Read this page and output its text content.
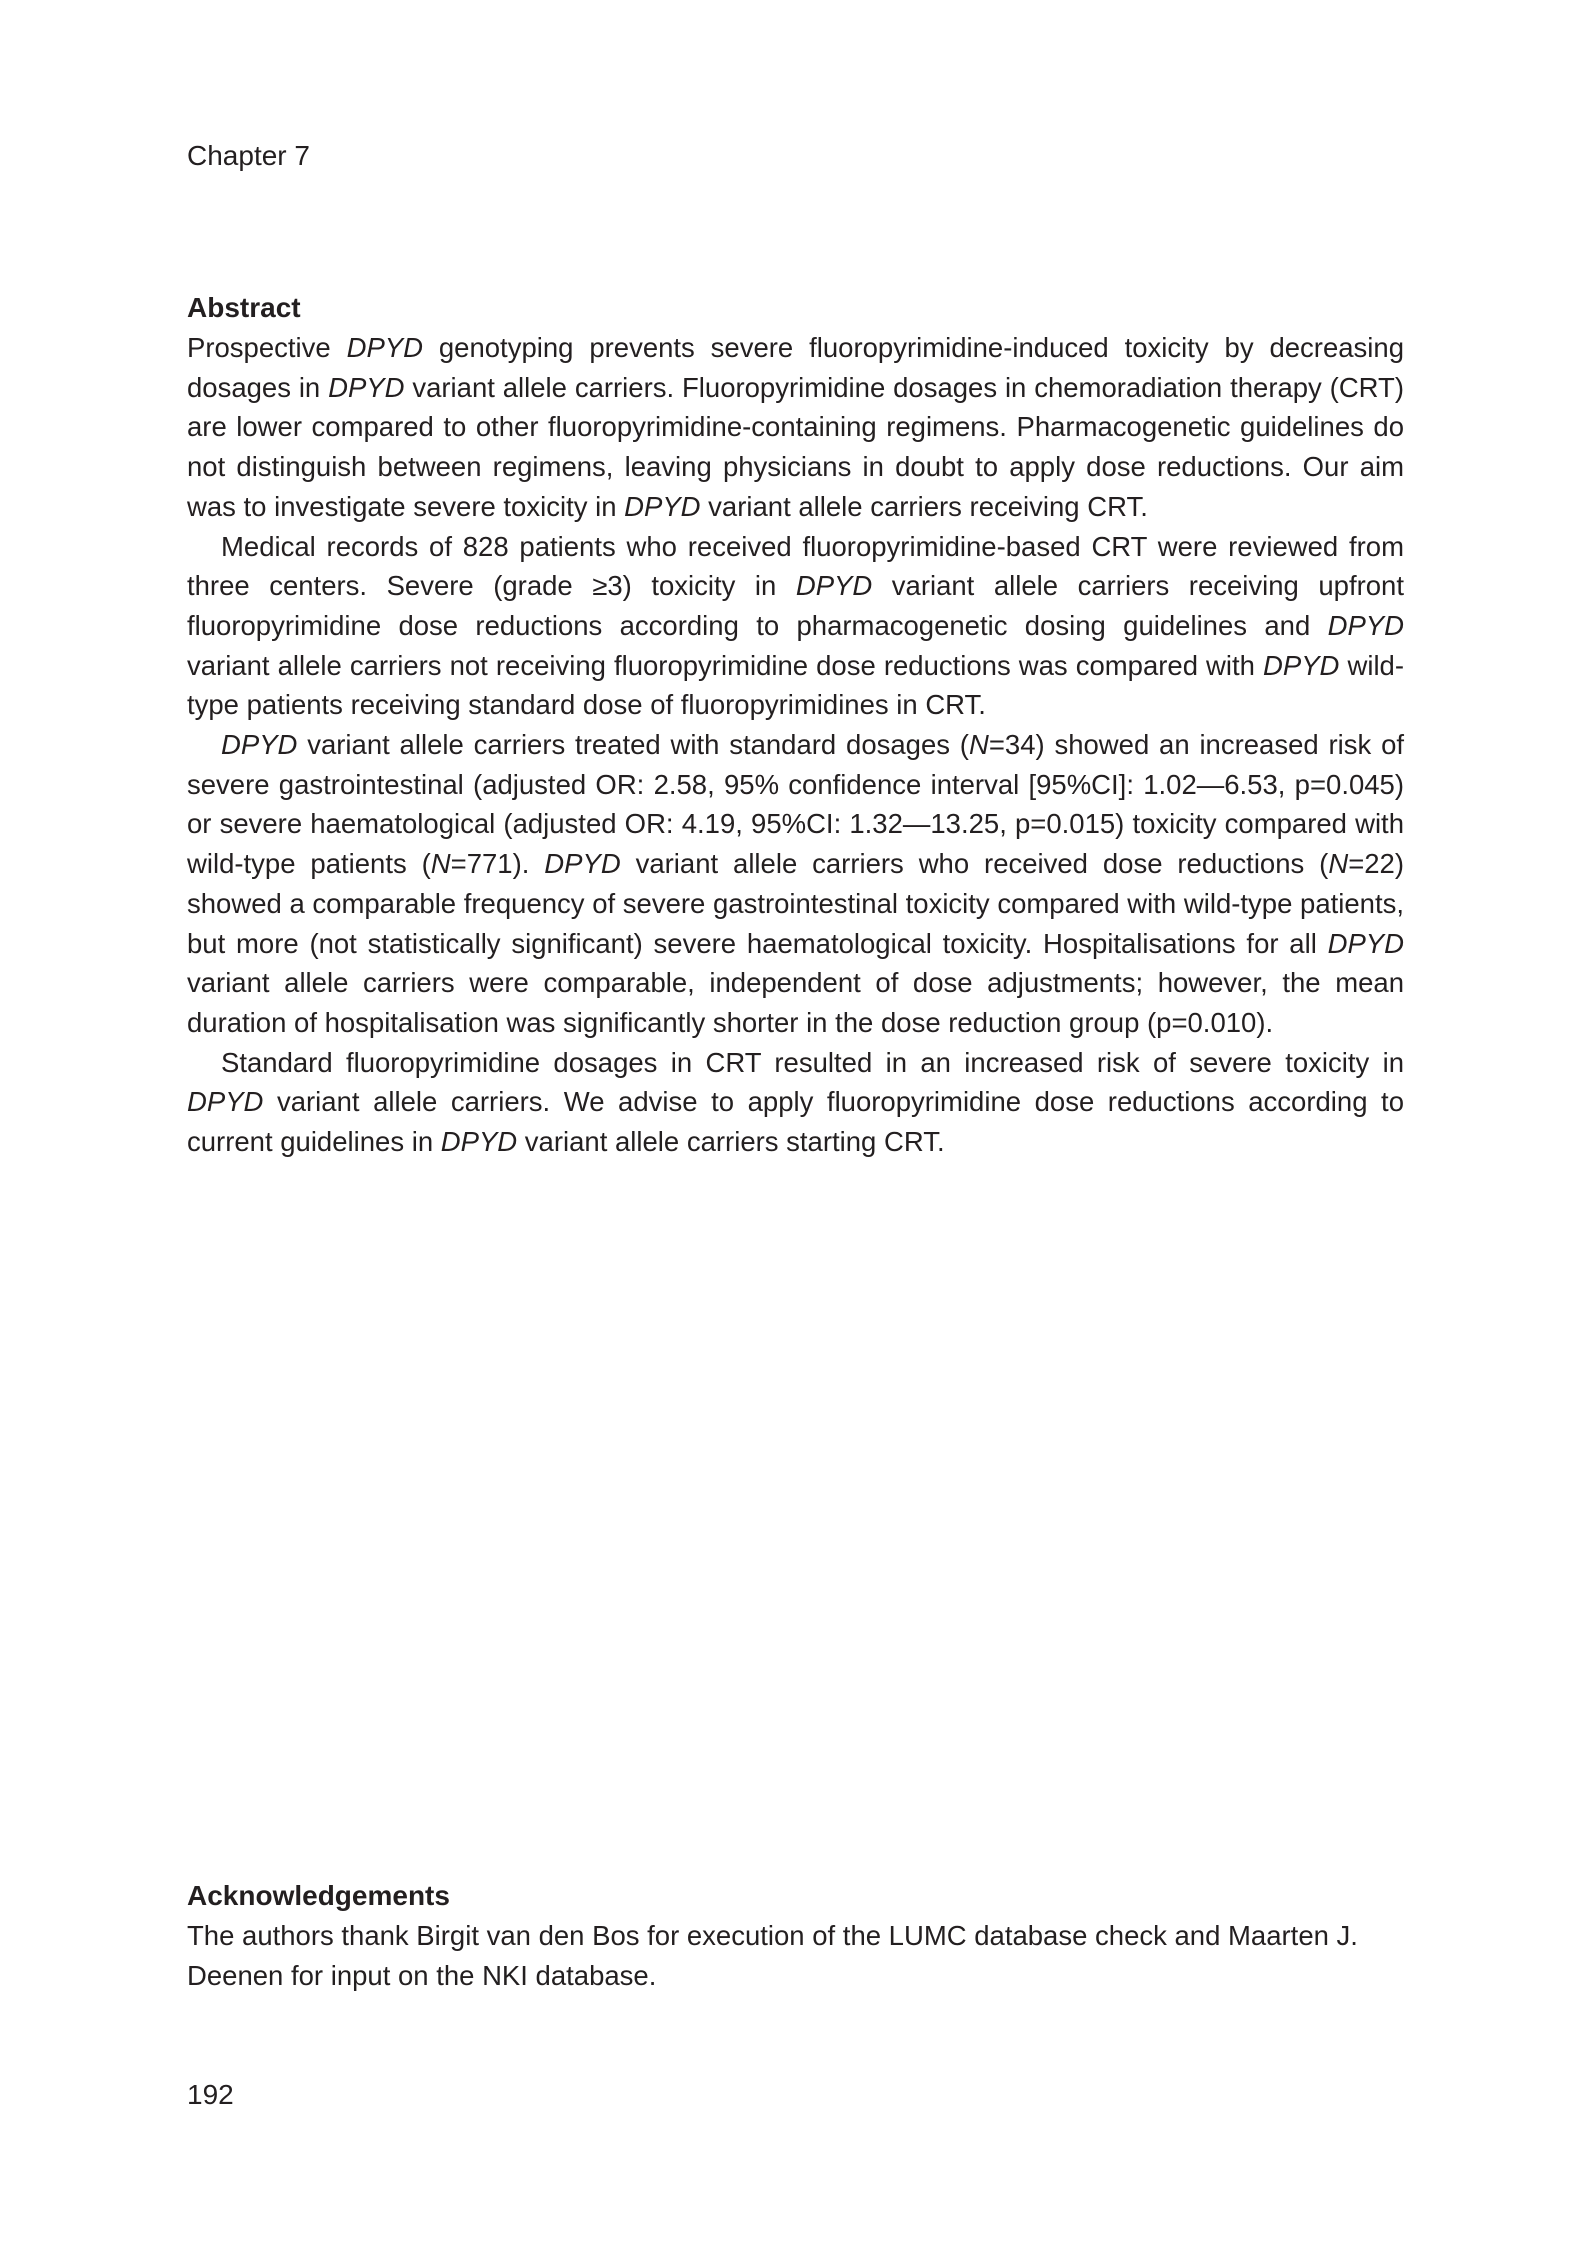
Chapter 7
Abstract

Prospective DPYD genotyping prevents severe fluoropyrimidine-induced toxicity by decreasing dosages in DPYD variant allele carriers. Fluoropyrimidine dosages in chemoradiation therapy (CRT) are lower compared to other fluoropyrimidine-containing regimens. Pharmacogenetic guidelines do not distinguish between regimens, leaving physicians in doubt to apply dose reductions. Our aim was to investigate severe toxicity in DPYD variant allele carriers receiving CRT.

Medical records of 828 patients who received fluoropyrimidine-based CRT were reviewed from three centers. Severe (grade ≥3) toxicity in DPYD variant allele carriers receiving upfront fluoropyrimidine dose reductions according to pharmacogenetic dosing guidelines and DPYD variant allele carriers not receiving fluoropyrimidine dose reductions was compared with DPYD wild-type patients receiving standard dose of fluoropyrimidines in CRT.

DPYD variant allele carriers treated with standard dosages (N=34) showed an increased risk of severe gastrointestinal (adjusted OR: 2.58, 95% confidence interval [95%CI]: 1.02—6.53, p=0.045) or severe haematological (adjusted OR: 4.19, 95%CI: 1.32—13.25, p=0.015) toxicity compared with wild-type patients (N=771). DPYD variant allele carriers who received dose reductions (N=22) showed a comparable frequency of severe gastrointestinal toxicity compared with wild-type patients, but more (not statistically significant) severe haematological toxicity. Hospitalisations for all DPYD variant allele carriers were comparable, independent of dose adjustments; however, the mean duration of hospitalisation was significantly shorter in the dose reduction group (p=0.010).

Standard fluoropyrimidine dosages in CRT resulted in an increased risk of severe toxicity in DPYD variant allele carriers. We advise to apply fluoropyrimidine dose reductions according to current guidelines in DPYD variant allele carriers starting CRT.

Acknowledgements

The authors thank Birgit van den Bos for execution of the LUMC database check and Maarten J. Deenen for input on the NKI database.

192
